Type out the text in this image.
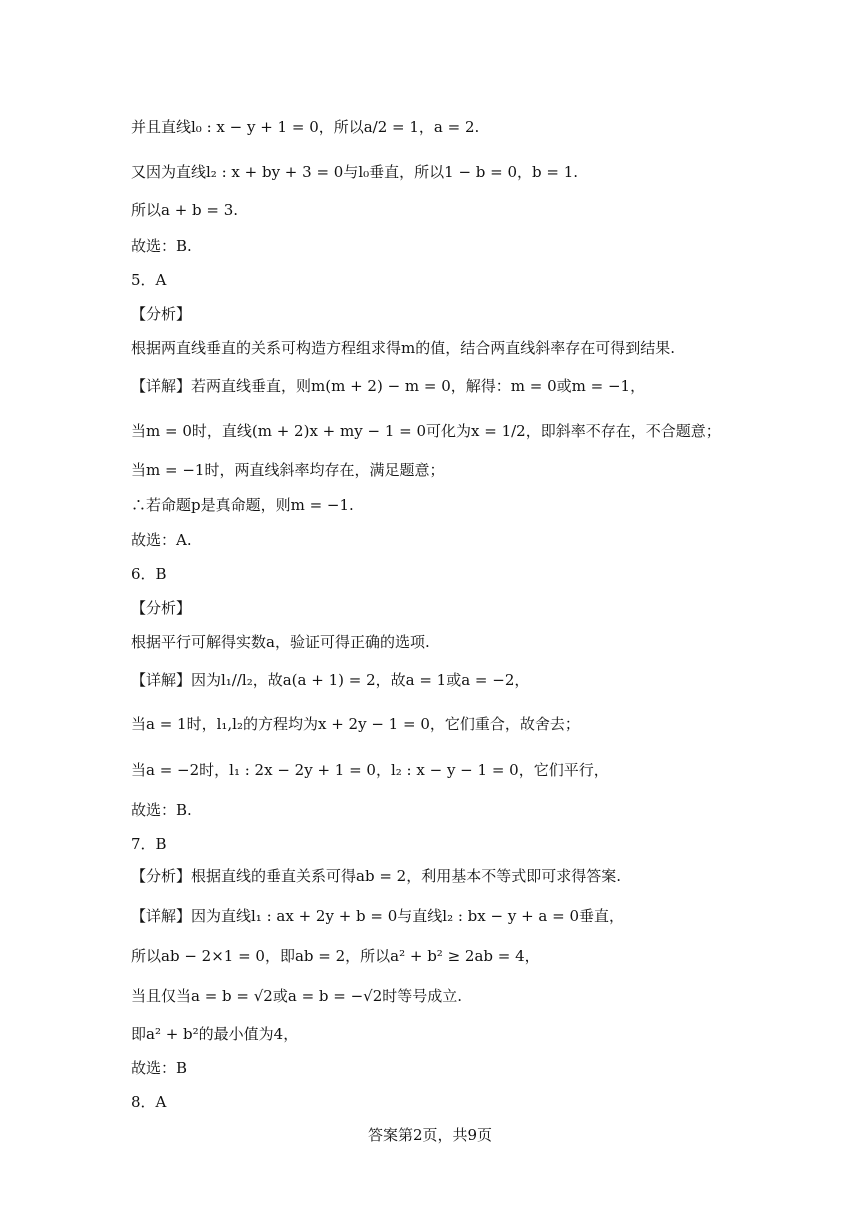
并且直线l₀ : x − y + 1 = 0，所以a/2 = 1，a = 2.
又因为直线l₂ : x + by + 3 = 0与l₀垂直，所以1 − b = 0，b = 1.
所以a + b = 3.
故选：B.
5．A
【分析】
根据两直线垂直的关系可构造方程组求得m的值，结合两直线斜率存在可得到结果.
【详解】若两直线垂直，则m(m + 2) − m = 0，解得：m = 0或m = −1，
当m = 0时，直线(m + 2)x + my − 1 = 0可化为x = 1/2，即斜率不存在，不合题意；
当m = −1时，两直线斜率均存在，满足题意；
∴若命题p是真命题，则m = −1.
故选：A.
6．B
【分析】
根据平行可解得实数a，验证可得正确的选项.
【详解】因为l₁//l₂，故a(a + 1) = 2，故a = 1或a = −2，
当a = 1时，l₁,l₂的方程均为x + 2y − 1 = 0，它们重合，故舍去；
当a = −2时，l₁ : 2x − 2y + 1 = 0，l₂ : x − y − 1 = 0，它们平行，
故选：B.
7．B
【分析】根据直线的垂直关系可得ab = 2，利用基本不等式即可求得答案.
【详解】因为直线l₁ : ax + 2y + b = 0与直线l₂ : bx − y + a = 0垂直，
所以ab − 2×1 = 0，即ab = 2，所以a² + b² ≥ 2ab = 4，
当且仅当a = b = √2或a = b = −√2时等号成立.
即a² + b²的最小值为4，
故选：B
8．A
答案第2页，共9页
